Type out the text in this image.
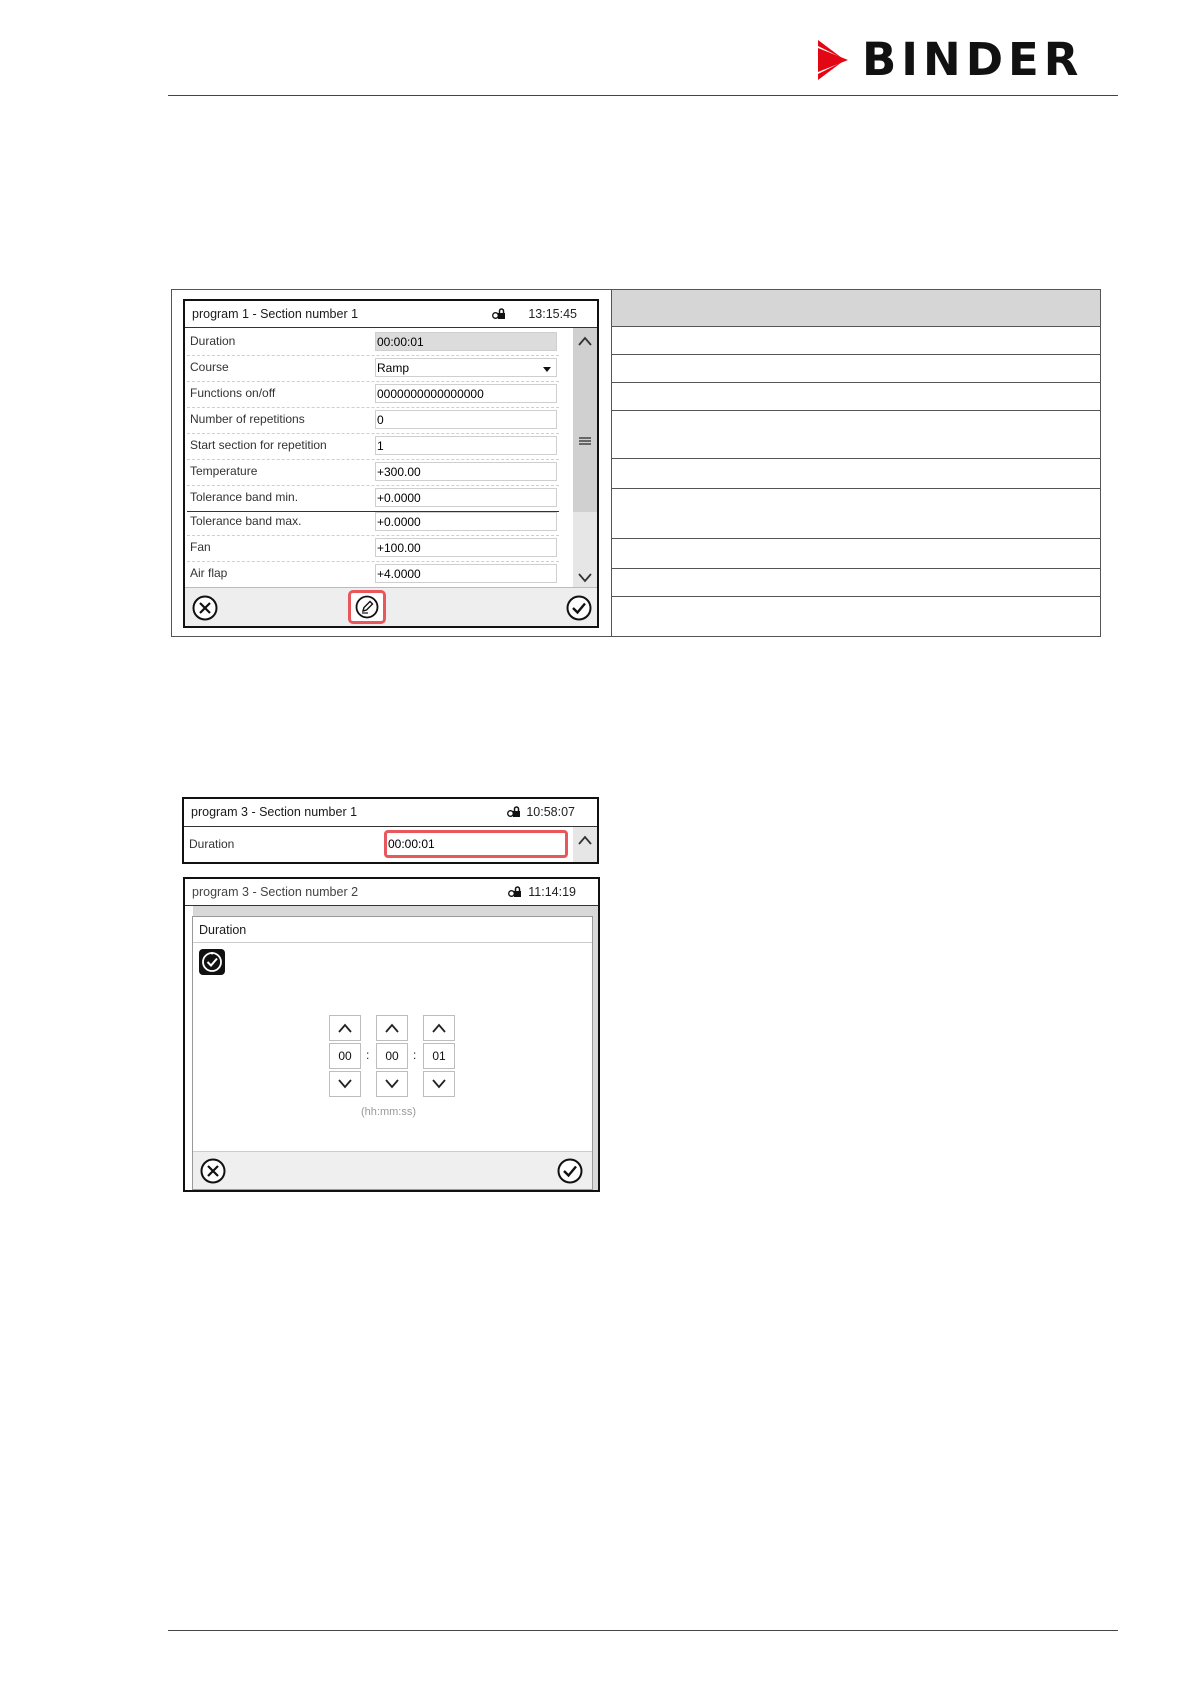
BINDER
program 1 - Section number 1	13:15:45
Duration	00:00:01
Course	Ramp
Functions on/off	0000000000000000
Number of repetitions	0
Start section for repetition	1
Temperature	+300.00
Tolerance band min.	+0.0000
Tolerance band max.	+0.0000
Fan	+100.00
Air flap	+4.0000
program 3 - Section number 1	10:58:07
Duration	00:00:01
program 3 - Section number 2	11:14:19
Duration
00	:	00	:	01
(hh:mm:ss)
